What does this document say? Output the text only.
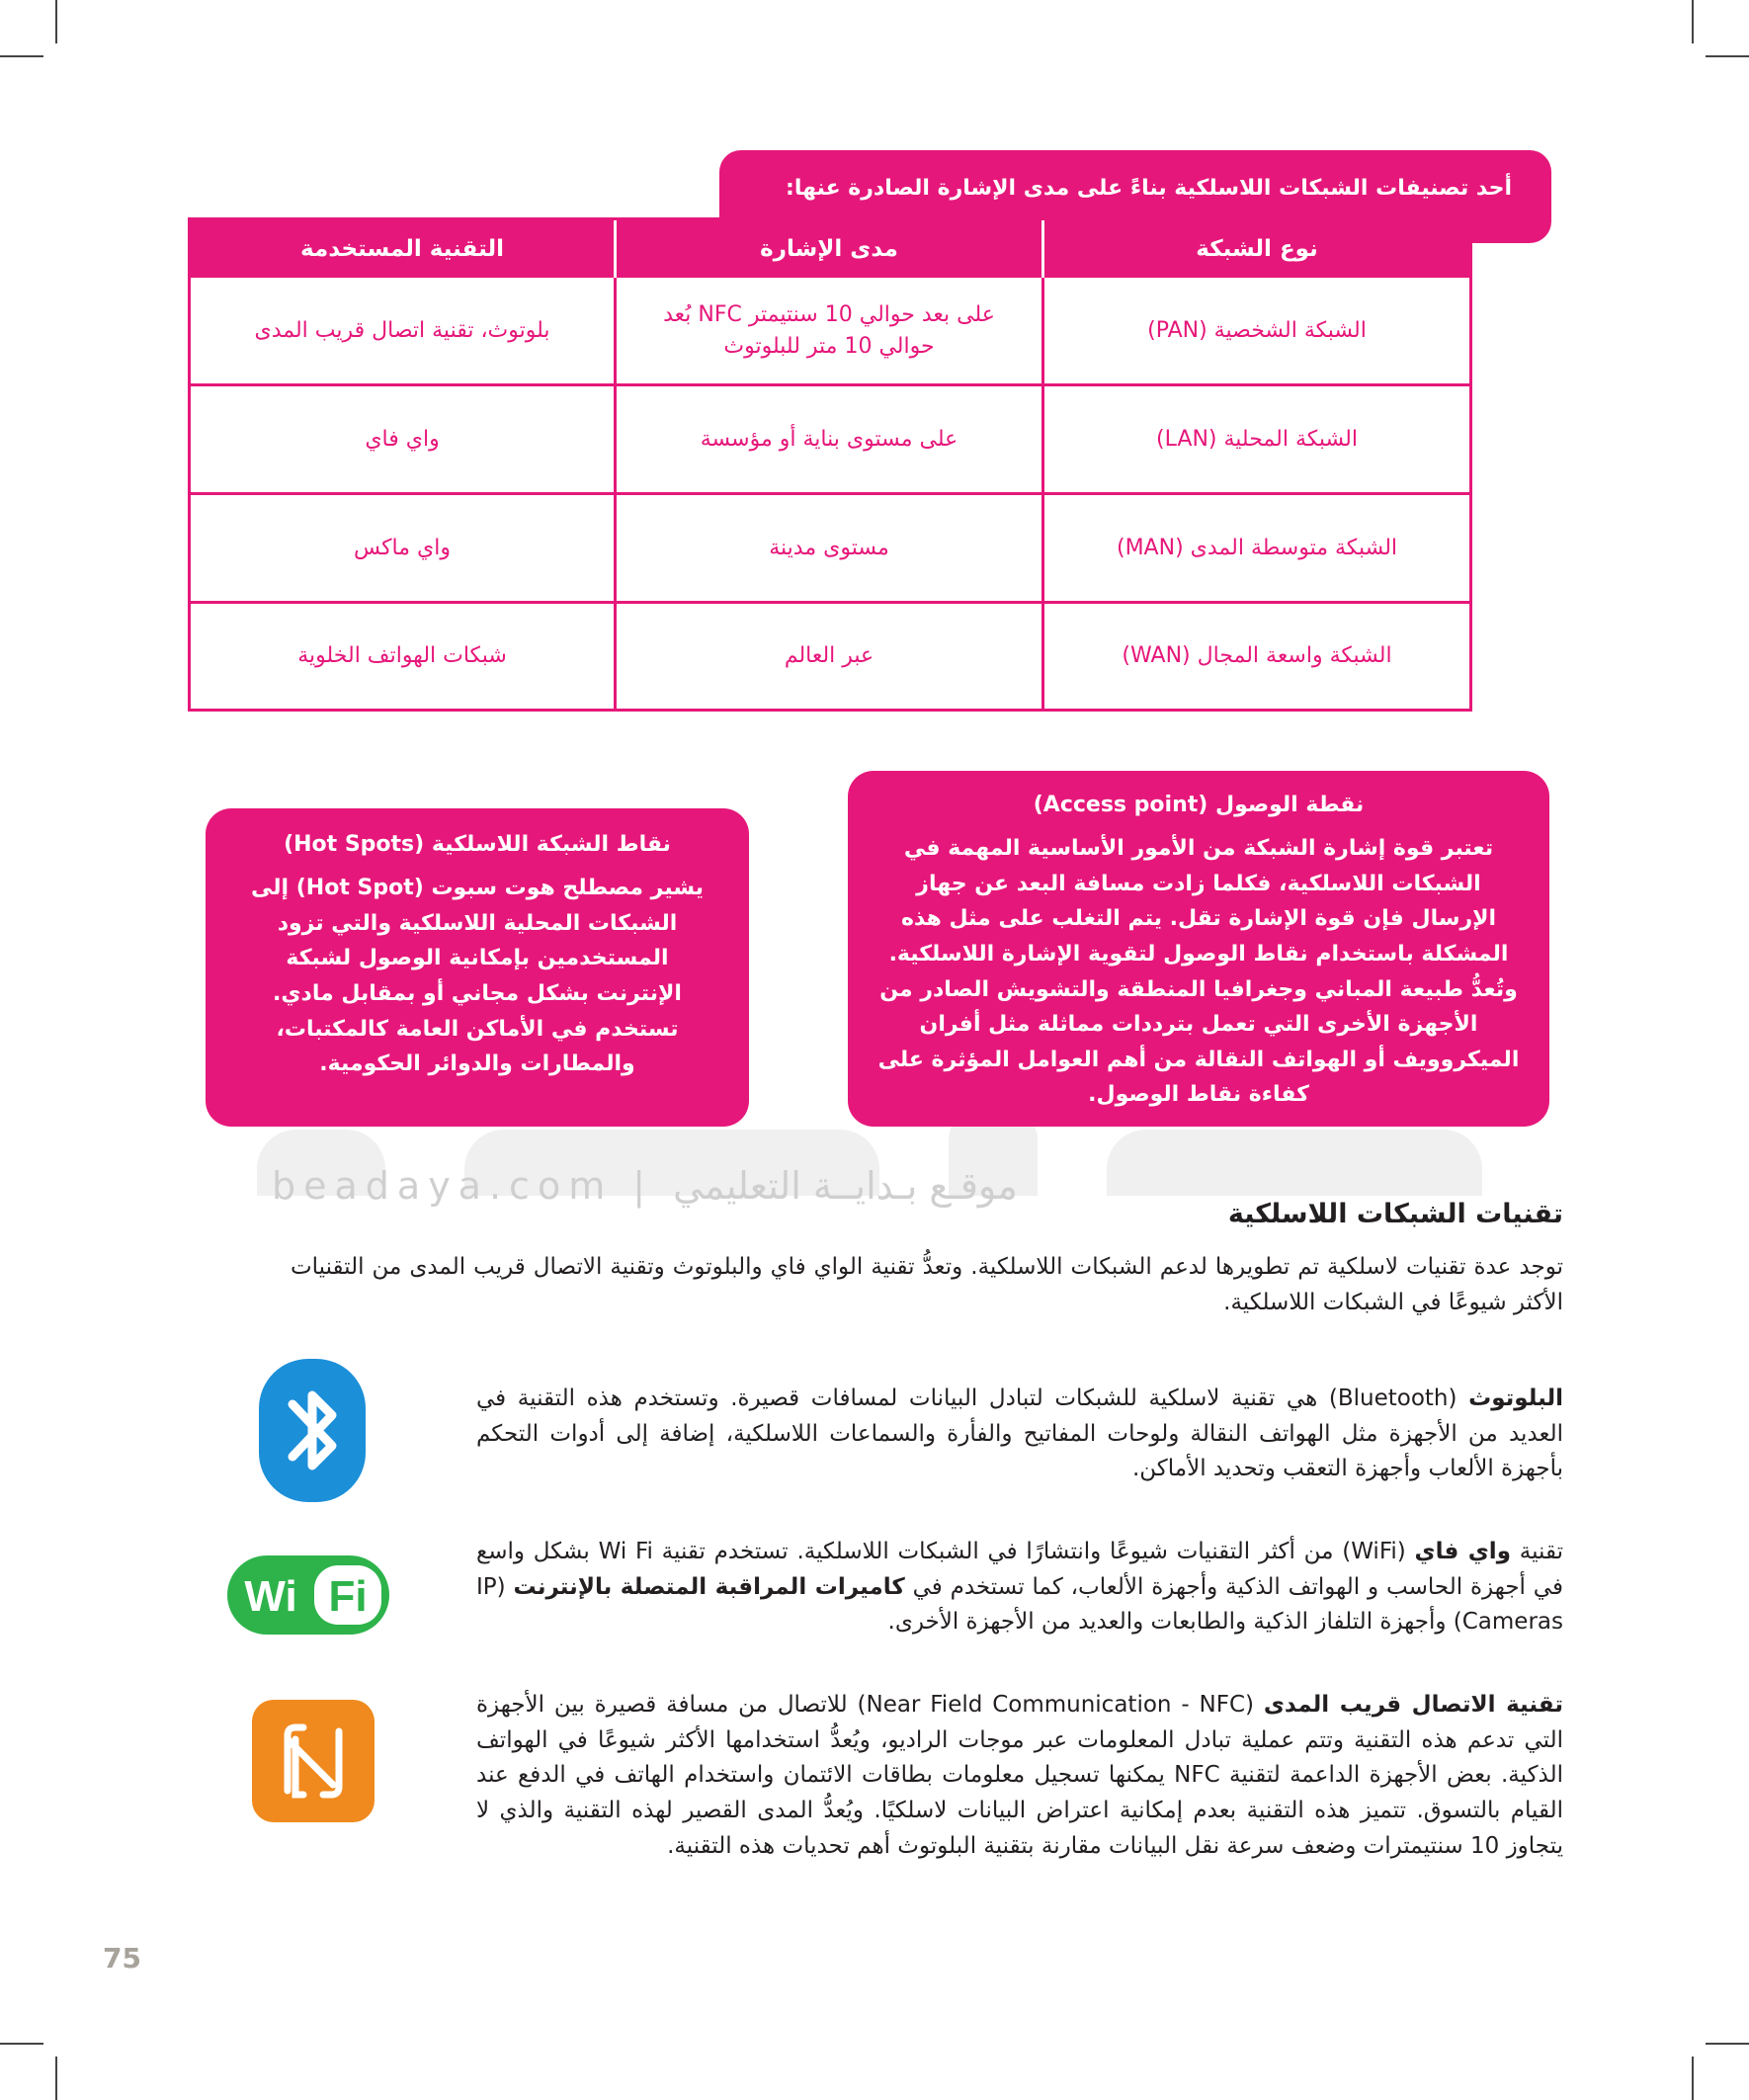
أحد تصنيفات الشبكات اللاسلكية بناءً على مدى الإشارة الصادرة عنها:
نوع الشبكة
مدى الإشارة
التقنية المستخدمة
الشبكة الشخصية (PAN)
على بعد حوالي 10 سنتيمتر NFC بُعد حوالي 10 متر للبلوتوث
بلوتوث، تقنية اتصال قريب المدى
الشبكة المحلية (LAN)
على مستوى بناية أو مؤسسة
واي فاي
الشبكة متوسطة المدى (MAN)
مستوى مدينة
واي ماكس
الشبكة واسعة المجال (WAN)
عبر العالم
شبكات الهواتف الخلوية
beadaya.com | موقـع بـدايــة التعليمي
نقطة الوصول (Access point)
تعتبر قوة إشارة الشبكة من الأمور الأساسية المهمة في الشبكات اللاسلكية، فكلما زادت مسافة البعد عن جهاز الإرسال فإن قوة الإشارة تقل. يتم التغلب على مثل هذه المشكلة باستخدام نقاط الوصول لتقوية الإشارة اللاسلكية. وتُعدُّ طبيعة المباني وجغرافيا المنطقة والتشويش الصادر من الأجهزة الأخرى التي تعمل بترددات مماثلة مثل أفران الميكروويف أو الهواتف النقالة من أهم العوامل المؤثرة على كفاءة نقاط الوصول.
نقاط الشبكة اللاسلكية (Hot Spots)
يشير مصطلح هوت سبوت (Hot Spot) إلى الشبكات المحلية اللاسلكية والتي تزود المستخدمين بإمكانية الوصول لشبكة الإنترنت بشكل مجاني أو بمقابل مادي. تستخدم في الأماكن العامة كالمكتبات، والمطارات والدوائر الحكومية.
تقنيات الشبكات اللاسلكية
توجد عدة تقنيات لاسلكية تم تطويرها لدعم الشبكات اللاسلكية. وتعدُّ تقنية الواي فاي والبلوتوث وتقنية الاتصال قريب المدى من التقنيات الأكثر شيوعًا في الشبكات اللاسلكية.
البلوتوث (Bluetooth) هي تقنية لاسلكية للشبكات لتبادل البيانات لمسافات قصيرة. وتستخدم هذه التقنية في العديد من الأجهزة مثل الهواتف النقالة ولوحات المفاتيح والفأرة والسماعات اللاسلكية، إضافة إلى أدوات التحكم بأجهزة الألعاب وأجهزة التعقب وتحديد الأماكن.
تقنية واي فاي (WiFi) من أكثر التقنيات شيوعًا وانتشارًا في الشبكات اللاسلكية. تستخدم تقنية Wi Fi بشكل واسع في أجهزة الحاسب و الهواتف الذكية وأجهزة الألعاب، كما تستخدم في كاميرات المراقبة المتصلة بالإنترنت (IP Cameras) وأجهزة التلفاز الذكية والطابعات والعديد من الأجهزة الأخرى.
Wi Fi
تقنية الاتصال قريب المدى (Near Field Communication - NFC) للاتصال من مسافة قصيرة بين الأجهزة التي تدعم هذه التقنية وتتم عملية تبادل المعلومات عبر موجات الراديو، ويُعدُّ استخدامها الأكثر شيوعًا في الهواتف الذكية. بعض الأجهزة الداعمة لتقنية NFC يمكنها تسجيل معلومات بطاقات الائتمان واستخدام الهاتف في الدفع عند القيام بالتسوق. تتميز هذه التقنية بعدم إمكانية اعتراض البيانات لاسلكيًا. ويُعدُّ المدى القصير لهذه التقنية والذي لا يتجاوز 10 سنتيمترات وضعف سرعة نقل البيانات مقارنة بتقنية البلوتوث أهم تحديات هذه التقنية.
75
